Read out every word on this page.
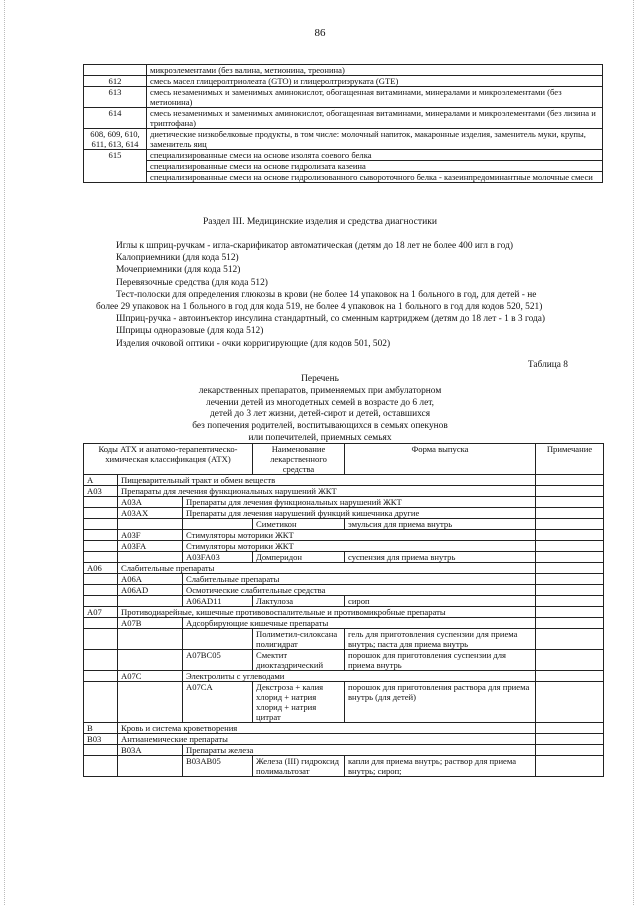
86
	микроэлементами (без валина, метионина, треонина)
612	смесь масел глицеролтриолеата (GTO) и глицеролтриэруката (GTE)
613	смесь незаменимых и заменимых аминокислот, обогащенная витаминами, минералами и микроэлементами (без метионина)
614	смесь незаменимых и заменимых аминокислот, обогащенная витаминами, минералами и микроэлементами (без лизина и триптофана)
608, 609, 610, 611, 613, 614	диетические низкобелковые продукты, в том числе: молочный напиток, макаронные изделия, заменитель муки, крупы, заменитель яиц
615	специализированные смеси на основе изолята соевого белка
	специализированные смеси на основе гидролизата казеина
	специализированные смеси на основе гидролизованного сывороточного белка - казеинпредоминантные молочные смеси
Раздел III. Медицинские изделия и средства диагностики
Иглы к шприц-ручкам - игла-скарификатор автоматическая (детям до 18 лет не более 400 игл в год)
Калоприемники (для кода 512)
Мочеприемники (для кода 512)
Перевязочные средства (для кода 512)
Тест-полоски для определения глюкозы в крови (не более 14 упаковок на 1 больного в год, для детей - не
более 29 упаковок на 1 больного в год для кода 519, не более 4 упаковок на 1 больного в год для кодов 520, 521)
Шприц-ручка - автоинъектор инсулина стандартный, со сменным картриджем (детям до 18 лет - 1 в 3 года)
Шприцы одноразовые (для кода 512)
Изделия очковой оптики - очки корригирующие (для кодов 501, 502)
Таблица 8
Перечень
лекарственных препаратов, применяемых при амбулаторном
лечении детей из многодетных семей в возрасте до 6 лет,
детей до 3 лет жизни, детей-сирот и детей, оставшихся
без попечения родителей, воспитывающихся в семьях опекунов
или попечителей, приемных семьях
Коды АТХ и анатомо-терапевтическо-химическая классификация (АТХ)			Наименование лекарственного средства	Форма выпуска	Примечание
A	Пищеварительный тракт и обмен веществ				
A03	Препараты для лечения функциональных нарушений ЖКТ				
	A03A	Препараты для лечения функциональных нарушений ЖКТ			
	A03AX	Препараты для лечения нарушений функций кишечника другие			
			Симетикон	эмульсия для приема внутрь	
	A03F	Стимуляторы моторики ЖКТ			
	A03FA	Стимуляторы моторики ЖКТ			
		A03FA03	Домперидон	суспензия для приема внутрь	
A06	Слабительные препараты				
	A06A	Слабительные препараты			
	A06AD	Осмотические слабительные средства			
		A06AD11	Лактулоза	сироп	
A07	Противодиарейные, кишечные противовоспалительные и противомикробные препараты				
	A07B	Адсорбирующие кишечные препараты			
			Полиметил-силоксана полигидрат	гель для приготовления суспензии для приема внутрь; паста для приема внутрь	
		A07BC05	Смектит диоктаэдрический	порошок для приготовления суспензии для приема внутрь	
	A07C	Электролиты с углеводами			
		A07CA	Декстроза + калия хлорид + натрия хлорид + натрия цитрат	порошок для приготовления раствора для приема внутрь (для детей)	
B	Кровь и система кроветворения				
B03	Антианемические препараты				
	B03A	Препараты железа			
		B03AB05	Железа (III) гидроксид полимальтозат	капли для приема внутрь; раствор для приема внутрь; сироп;	
